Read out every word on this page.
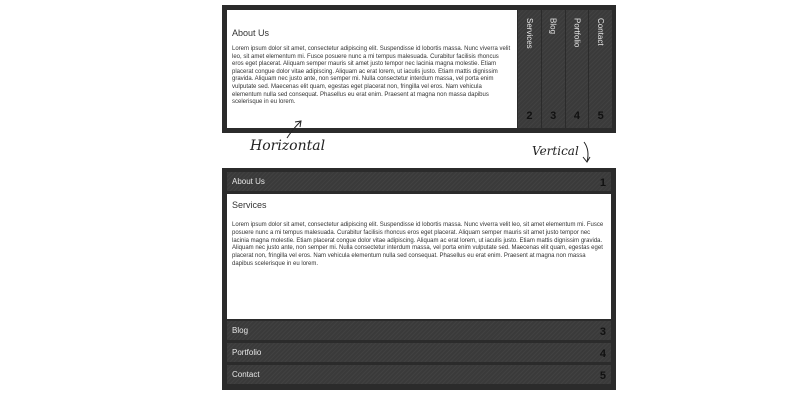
About Us
Lorem ipsum dolor sit amet, consectetur adipiscing elit. Suspendisse id lobortis massa. Nunc viverra velit leo, sit amet elementum mi. Fusce posuere nunc a mi tempus malesuada. Curabitur facilisis rhoncus eros eget placerat. Aliquam semper mauris sit amet justo tempor nec lacinia magna molestie. Etiam placerat congue dolor vitae adipiscing. Aliquam ac erat lorem, ut iaculis justo. Etiam mattis dignissim gravida. Aliquam nec justo ante, non semper mi. Nulla consectetur interdum massa, vel porta enim vulputate sed. Maecenas elit quam, egestas eget placerat non, fringilla vel eros. Nam vehicula elementum nulla sed consequat. Phasellus eu erat enim. Praesent at magna non massa dapibus scelerisque in eu lorem.
Services
2
Blog
3
Portfolio
4
Contact
5
Horizontal	Vertical
About Us	1
Services
Lorem ipsum dolor sit amet, consectetur adipiscing elit. Suspendisse id lobortis massa. Nunc viverra velit leo, sit amet elementum mi. Fusce posuere nunc a mi tempus malesuada. Curabitur facilisis rhoncus eros eget placerat. Aliquam semper mauris sit amet justo tempor nec lacinia magna molestie. Etiam placerat congue dolor vitae adipiscing. Aliquam ac erat lorem, ut iaculis justo. Etiam mattis dignissim gravida. Aliquam nec justo ante, non semper mi. Nulla consectetur interdum massa, vel porta enim vulputate sed. Maecenas elit quam, egestas eget placerat non, fringilla vel eros. Nam vehicula elementum nulla sed consequat. Phasellus eu erat enim. Praesent at magna non massa dapibus scelerisque in eu lorem.
Blog	3
Portfolio	4
Contact	5
